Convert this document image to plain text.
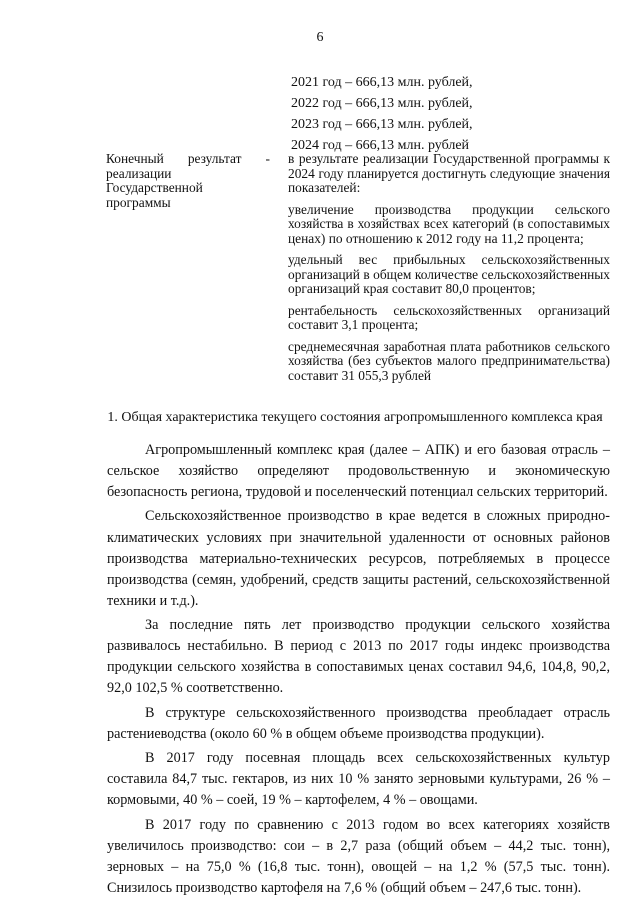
6
2021 год – 666,13 млн. рублей,
2022 год – 666,13 млн. рублей,
2023 год – 666,13 млн. рублей,
2024 год – 666,13 млн. рублей
Конечный результат - реализации Государственной программы

в результате реализации Государственной программы к 2024 году планируется достигнуть следующие значения показателей:

увеличение производства продукции сельского хозяйства в хозяйствах всех категорий (в сопоставимых ценах) по отношению к 2012 году на 11,2 процента;

удельный вес прибыльных сельскохозяйственных организаций в общем количестве сельскохозяйственных организаций края составит 80,0 процентов;

рентабельность сельскохозяйственных организаций составит 3,1 процента;

среднемесячная заработная плата работников сельского хозяйства (без субъектов малого предпринимательства) составит 31 055,3 рублей

1. Общая характеристика текущего состояния агропромышленного комплекса края

Агропромышленный комплекс края (далее – АПК) и его базовая отрасль – сельское хозяйство определяют продовольственную и экономическую безопасность региона, трудовой и поселенческий потенциал сельских территорий.

Сельскохозяйственное производство в крае ведется в сложных природно-климатических условиях при значительной удаленности от основных районов производства материально-технических ресурсов, потребляемых в процессе производства (семян, удобрений, средств защиты растений, сельскохозяйственной техники и т.д.).

За последние пять лет производство продукции сельского хозяйства развивалось нестабильно. В период с 2013 по 2017 годы индекс производства продукции сельского хозяйства в сопоставимых ценах составил 94,6, 104,8, 90,2, 92,0 102,5 % соответственно.

В структуре сельскохозяйственного производства преобладает отрасль растениеводства (около 60 % в общем объеме производства продукции).

В 2017 году посевная площадь всех сельскохозяйственных культур составила 84,7 тыс. гектаров, из них 10 % занято зерновыми культурами, 26 % – кормовыми, 40 % – соей, 19 % – картофелем, 4 % – овощами.

В 2017 году по сравнению с 2013 годом во всех категориях хозяйств увеличилось производство: сои – в 2,7 раза (общий объем – 44,2 тыс. тонн), зерновых – на 75,0 % (16,8 тыс. тонн), овощей – на 1,2 % (57,5 тыс. тонн). Снизилось производство картофеля на 7,6 % (общий объем – 247,6 тыс. тонн).
